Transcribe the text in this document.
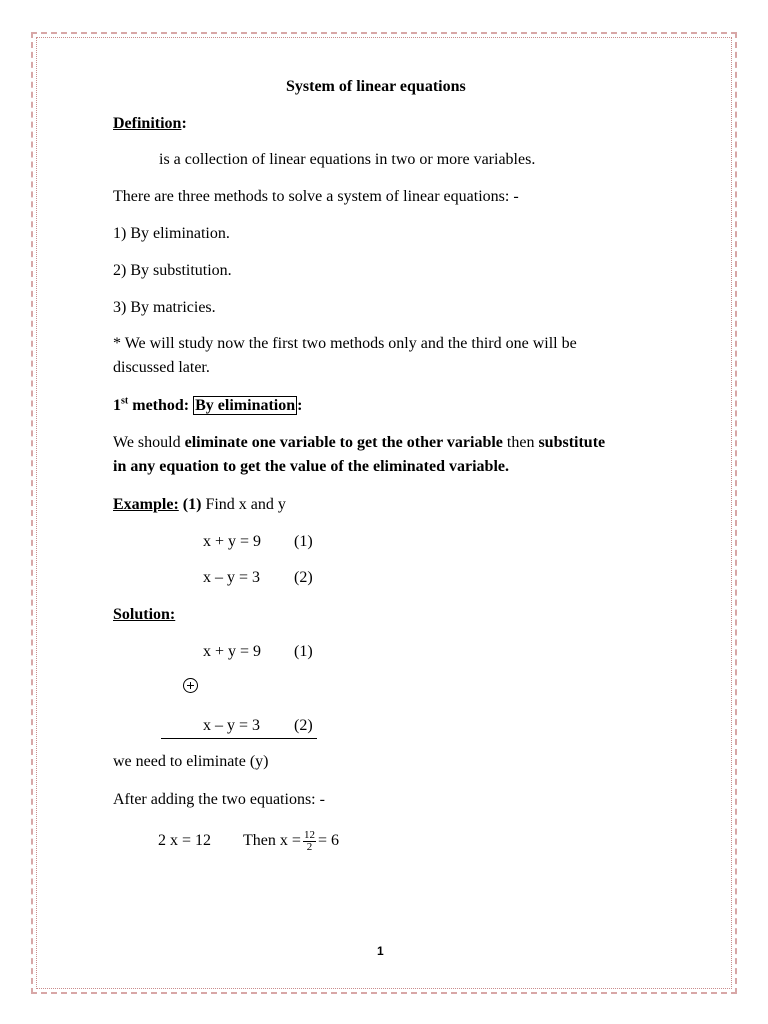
System of linear equations
Definition:
is a collection of linear equations in two or more variables.
There are three methods to solve a system of linear equations: -
1) By elimination.
2) By substitution.
3) By matricies.
* We will study now the first two methods only and the third one will be
discussed later.
1st method: By elimination :
We should eliminate one variable to get the other variable then substitute
in any equation to get the value of the eliminated variable.
Example: (1) Find x and y
x + y = 9 (1)
x – y = 3 (2)
Solution:
x + y = 9 (1)
x – y = 3 (2)
we need to eliminate (y)
After adding the two equations: -
2 x = 12 Then $x = \frac{12}{2} = 6$
1
